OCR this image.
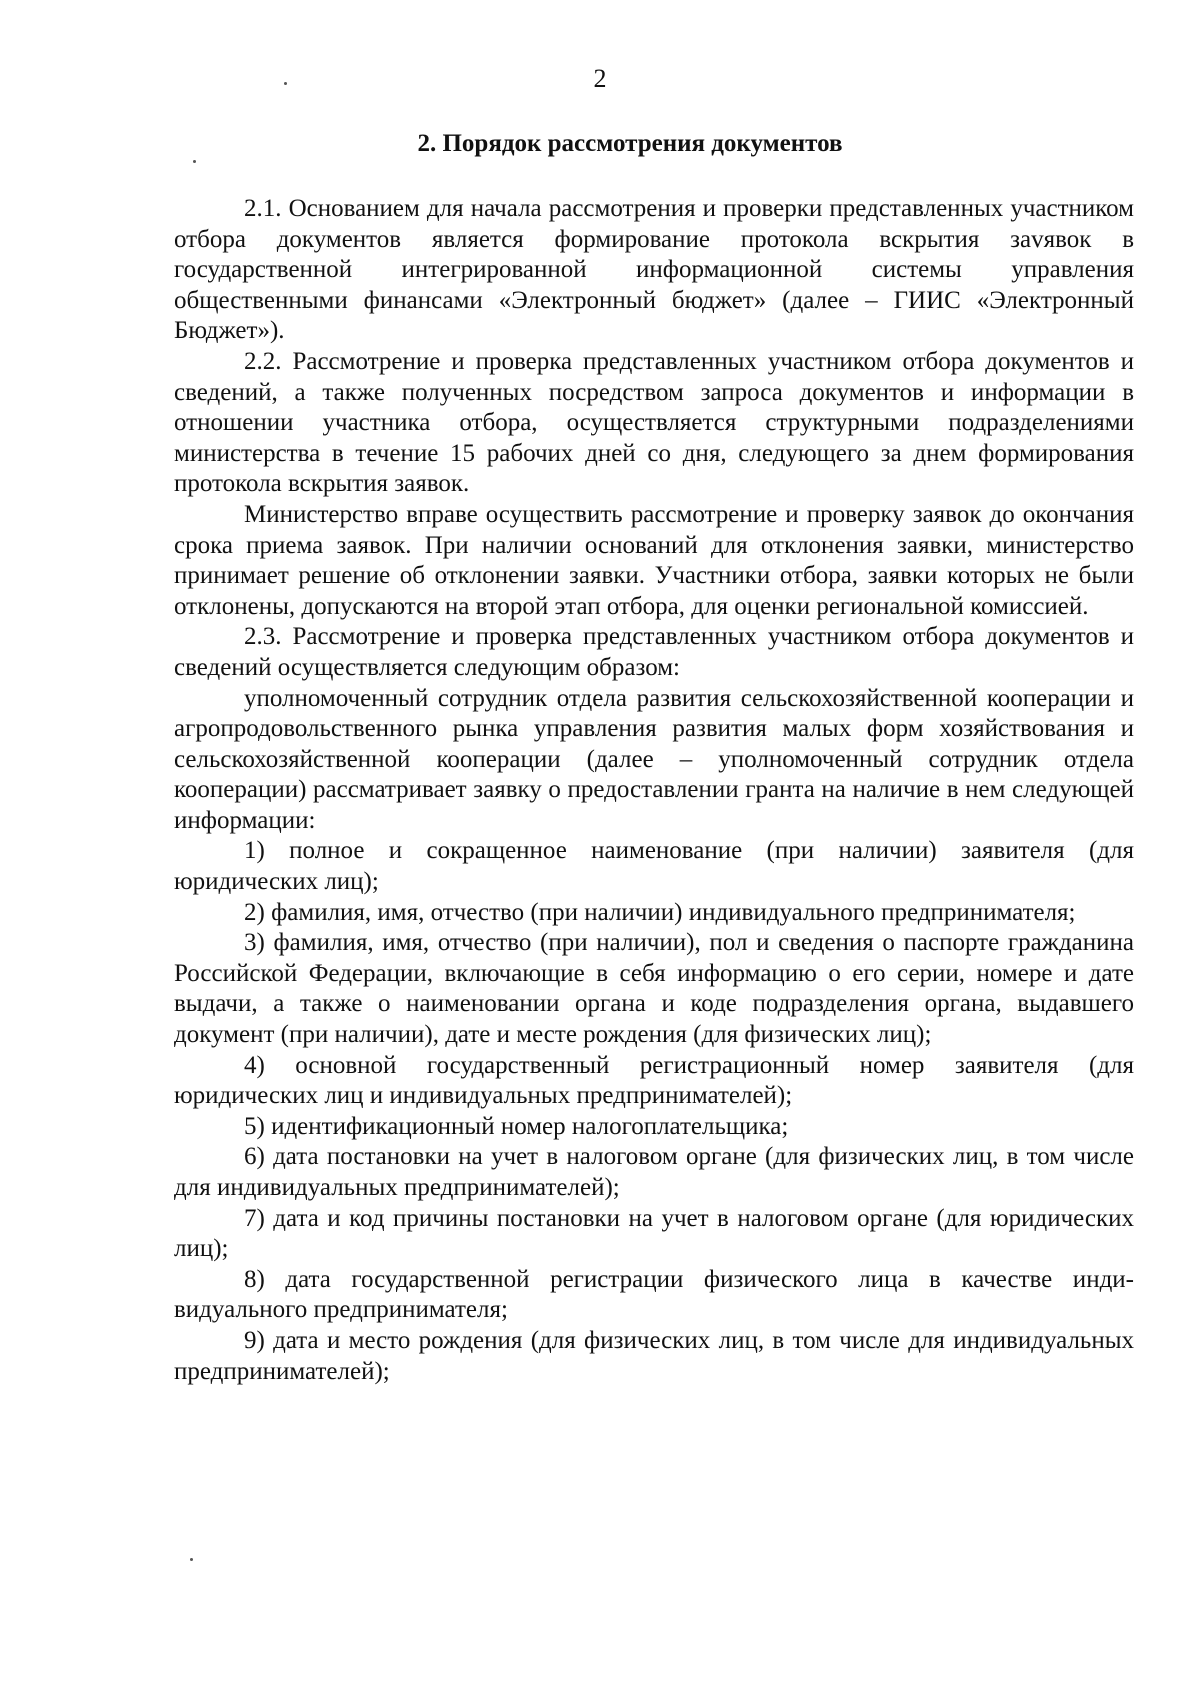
2
2. Порядок рассмотрения документов

2.1. Основанием для начала рассмотрения и проверки представленных участником отбора документов является формирование протокола вскрытия заvявок в государственной интегрированной информационной системы управления общественными финансами «Электронный бюджет» (далее – ГИИС «Электронный Бюджет»).

2.2. Рассмотрение и проверка представленных участником отбора документов и сведений, а также полученных посредством запроса документов и информации в отношении участника отбора, осуществляется структурными подразделениями министерства в течение 15 рабочих дней со дня, следующего за днем формирования протокола вскрытия заявок.

Министерство вправе осуществить рассмотрение и проверку заявок до окончания срока приема заявок. При наличии оснований для отклонения заявки, министерство принимает решение об отклонении заявки. Участники отбора, заявки которых не были отклонены, допускаются на второй этап отбора, для оценки региональной комиссией.

2.3. Рассмотрение и проверка представленных участником отбора документов и сведений осуществляется следующим образом:

уполномоченный сотрудник отдела развития сельскохозяйственной кооперации и агропродовольственного рынка управления развития малых форм хозяйствования и сельскохозяйственной кооперации (далее – уполномоченный сотрудник отдела кооперации) рассматривает заявку о предоставлении гранта на наличие в нем следующей информации:

1) полное и сокращенное наименование (при наличии) заявителя (для юридических лиц);

2) фамилия, имя, отчество (при наличии) индивидуального предпринимателя;

3) фамилия, имя, отчество (при наличии), пол и сведения о паспорте гражданина Российской Федерации, включающие в себя информацию о его серии, номере и дате выдачи, а также о наименовании органа и коде подразделения органа, выдавшего документ (при наличии), дате и месте рождения (для физических лиц);

4) основной государственный регистрационный номер заявителя (для юридических лиц и индивидуальных предпринимателей);

5) идентификационный номер налогоплательщика;

6) дата постановки на учет в налоговом органе (для физических лиц, в том числе для индивидуальных предпринимателей);

7) дата и код причины постановки на учет в налоговом органе (для юридических лиц);

8) дата государственной регистрации физического лица в качестве индивидуального предпринимателя;

9) дата и место рождения (для физических лиц, в том числе для индивидуальных предпринимателей);
